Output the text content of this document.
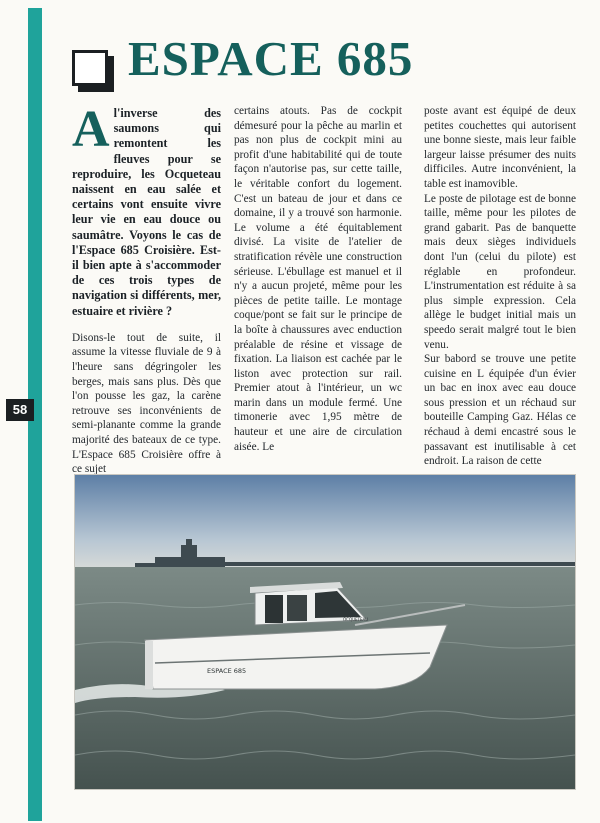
ESPACE 685
58

Al'inverse des saumons qui remontent les fleuves pour se reproduire, les Ocqueteau naissent en eau salée et certains vont ensuite vivre leur vie en eau douce ou saumâtre. Voyons le cas de l'Espace 685 Croisière. Est-il bien apte à s'accommoder de ces trois types de navigation si différents, mer, estuaire et rivière ?

Disons-le tout de suite, il assume la vitesse fluviale de 9 à l'heure sans dégringoler les berges, mais sans plus. Dès que l'on pousse les gaz, la carène retrouve ses inconvénients de semi-planante comme la grande majorité des bateaux de ce type. L'Espace 685 Croisière offre à ce sujet

certains atouts. Pas de cockpit démesuré pour la pêche au marlin et pas non plus de cockpit mini au profit d'une habitabilité qui de toute façon n'autorise pas, sur cette taille, le véritable confort du logement. C'est un bateau de jour et dans ce domaine, il y a trouvé son harmonie. Le volume a été équitablement divisé. La visite de l'atelier de stratification révèle une construction sérieuse. L'ébullage est manuel et il n'y a aucun projeté, même pour les pièces de petite taille. Le montage coque/pont se fait sur le principe de la boîte à chaussures avec enduction préalable de résine et vissage de fixation. La liaison est cachée par le liston avec protection sur rail. Premier atout à l'intérieur, un wc marin dans un module fermé. Une timonerie avec 1,95 mètre de hauteur et une aire de circulation aisée. Le

poste avant est équipé de deux petites couchettes qui autorisent une bonne sieste, mais leur faible largeur laisse présumer des nuits difficiles. Autre inconvénient, la table est inamovible.

Le poste de pilotage est de bonne taille, même pour les pilotes de grand gabarit. Pas de banquette mais deux sièges individuels dont l'un (celui du pilote) est réglable en profondeur. L'instrumentation est réduite à sa plus simple expression. Cela allège le budget initial mais un speedo serait malgré tout le bien venu.

Sur babord se trouve une petite cuisine en L équipée d'un évier un bac en inox avec eau douce sous pression et un réchaud sur bouteille Camping Gaz. Hélas ce réchaud à demi encastré sous le passavant est inutilisable à cet endroit. La raison de cette

ESPACE 685
OCQUETEAU
